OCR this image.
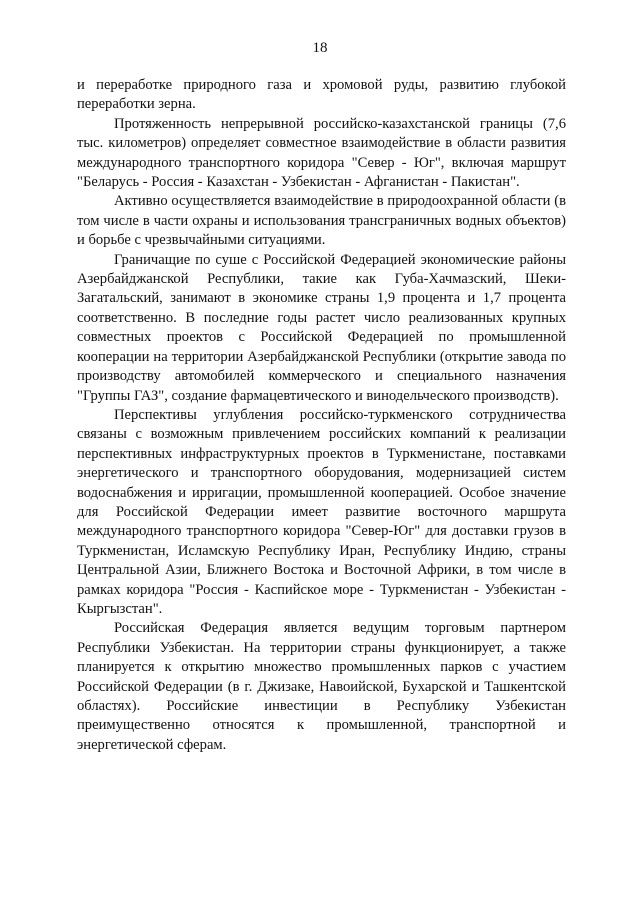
18

и переработке природного газа и хромовой руды, развитию глубокой переработки зерна.

Протяженность непрерывной российско-казахстанской границы (7,6 тыс. километров) определяет совместное взаимодействие в области развития международного транспортного коридора "Север - Юг", включая маршрут "Беларусь - Россия - Казахстан - Узбекистан - Афганистан - Пакистан".

Активно осуществляется взаимодействие в природоохранной области (в том числе в части охраны и использования трансграничных водных объектов) и борьбе с чрезвычайными ситуациями.

Граничащие по суше с Российской Федерацией экономические районы Азербайджанской Республики, такие как Губа-Хачмазский, Шеки-Загатальский, занимают в экономике страны 1,9 процента и 1,7 процента соответственно. В последние годы растет число реализованных крупных совместных проектов с Российской Федерацией по промышленной кооперации на территории Азербайджанской Республики (открытие завода по производству автомобилей коммерческого и специального назначения "Группы ГАЗ", создание фармацевтического и винодельческого производств).

Перспективы углубления российско-туркменского сотрудничества связаны с возможным привлечением российских компаний к реализации перспективных инфраструктурных проектов в Туркменистане, поставками энергетического и транспортного оборудования, модернизацией систем водоснабжения и ирригации, промышленной кооперацией. Особое значение для Российской Федерации имеет развитие восточного маршрута международного транспортного коридора "Север-Юг" для доставки грузов в Туркменистан, Исламскую Республику Иран, Республику Индию, страны Центральной Азии, Ближнего Востока и Восточной Африки, в том числе в рамках коридора "Россия - Каспийское море - Туркменистан - Узбекистан - Кыргызстан".

Российская Федерация является ведущим торговым партнером Республики Узбекистан. На территории страны функционирует, а также планируется к открытию множество промышленных парков с участием Российской Федерации (в г. Джизаке, Навоийской, Бухарской и Ташкентской областях). Российские инвестиции в Республику Узбекистан преимущественно относятся к промышленной, транспортной и энергетической сферам.
